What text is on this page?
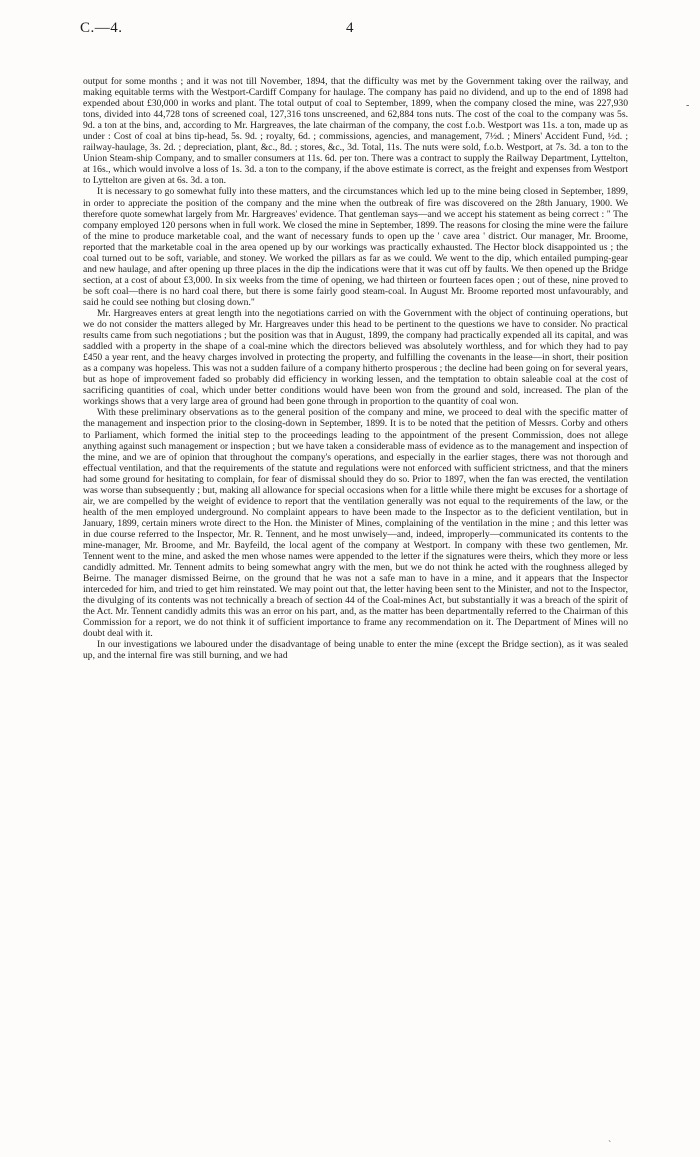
C.—4.	4

output for some months ; and it was not till November, 1894, that the difficulty was met by the Government taking over the railway, and making equitable terms with the Westport-Cardiff Company for haulage. The company has paid no dividend, and up to the end of 1898 had expended about £30,000 in works and plant. The total output of coal to September, 1899, when the company closed the mine, was 227,930 tons, divided into 44,728 tons of screened coal, 127,316 tons unscreened, and 62,884 tons nuts. The cost of the coal to the company was 5s. 9d. a ton at the bins, and, according to Mr. Hargreaves, the late chairman of the company, the cost f.o.b. Westport was 11s. a ton, made up as under : Cost of coal at bins tip-head, 5s. 9d. ; royalty, 6d. ; commissions, agencies, and management, 7½d. ; Miners' Accident Fund, ½d. ; railway-haulage, 3s. 2d. ; depreciation, plant, &c., 8d. ; stores, &c., 3d. Total, 11s. The nuts were sold, f.o.b. Westport, at 7s. 3d. a ton to the Union Steam-ship Company, and to smaller consumers at 11s. 6d. per ton. There was a contract to supply the Railway Department, Lyttelton, at 16s., which would involve a loss of 1s. 3d. a ton to the company, if the above estimate is correct, as the freight and expenses from Westport to Lyttelton are given at 6s. 3d. a ton.

It is necessary to go somewhat fully into these matters, and the circumstances which led up to the mine being closed in September, 1899, in order to appreciate the position of the company and the mine when the outbreak of fire was discovered on the 28th January, 1900. We therefore quote somewhat largely from Mr. Hargreaves' evidence. That gentleman says—and we accept his statement as being correct : " The company employed 120 persons when in full work. We closed the mine in September, 1899. The reasons for closing the mine were the failure of the mine to produce marketable coal, and the want of necessary funds to open up the ' cave area ' district. Our manager, Mr. Broome, reported that the marketable coal in the area opened up by our workings was practically exhausted. The Hector block disappointed us ; the coal turned out to be soft, variable, and stoney. We worked the pillars as far as we could. We went to the dip, which entailed pumping-gear and new haulage, and after opening up three places in the dip the indications were that it was cut off by faults. We then opened up the Bridge section, at a cost of about £3,000. In six weeks from the time of opening, we had thirteen or fourteen faces open ; out of these, nine proved to be soft coal—there is no hard coal there, but there is some fairly good steam-coal. In August Mr. Broome reported most unfavourably, and said he could see nothing but closing down."

Mr. Hargreaves enters at great length into the negotiations carried on with the Government with the object of continuing operations, but we do not consider the matters alleged by Mr. Hargreaves under this head to be pertinent to the questions we have to consider. No practical results came from such negotiations ; but the position was that in August, 1899, the company had practically expended all its capital, and was saddled with a property in the shape of a coal-mine which the directors believed was absolutely worthless, and for which they had to pay £450 a year rent, and the heavy charges involved in protecting the property, and fulfilling the covenants in the lease—in short, their position as a company was hopeless. This was not a sudden failure of a company hitherto prosperous ; the decline had been going on for several years, but as hope of improvement faded so probably did efficiency in working lessen, and the temptation to obtain saleable coal at the cost of sacrificing quantities of coal, which under better conditions would have been won from the ground and sold, increased. The plan of the workings shows that a very large area of ground had been gone through in proportion to the quantity of coal won.

With these preliminary observations as to the general position of the company and mine, we proceed to deal with the specific matter of the management and inspection prior to the closing-down in September, 1899. It is to be noted that the petition of Messrs. Corby and others to Parliament, which formed the initial step to the proceedings leading to the appointment of the present Commission, does not allege anything against such management or inspection ; but we have taken a considerable mass of evidence as to the management and inspection of the mine, and we are of opinion that throughout the company's operations, and especially in the earlier stages, there was not thorough and effectual ventilation, and that the requirements of the statute and regulations were not enforced with sufficient strictness, and that the miners had some ground for hesitating to complain, for fear of dismissal should they do so. Prior to 1897, when the fan was erected, the ventilation was worse than subsequently ; but, making all allowance for special occasions when for a little while there might be excuses for a shortage of air, we are compelled by the weight of evidence to report that the ventilation generally was not equal to the requirements of the law, or the health of the men employed underground. No complaint appears to have been made to the Inspector as to the deficient ventilation, but in January, 1899, certain miners wrote direct to the Hon. the Minister of Mines, complaining of the ventilation in the mine ; and this letter was in due course referred to the Inspector, Mr. R. Tennent, and he most unwisely—and, indeed, improperly—communicated its contents to the mine-manager, Mr. Broome, and Mr. Bayfeild, the local agent of the company at Westport. In company with these two gentlemen, Mr. Tennent went to the mine, and asked the men whose names were appended to the letter if the signatures were theirs, which they more or less candidly admitted. Mr. Tennent admits to being somewhat angry with the men, but we do not think he acted with the roughness alleged by Beirne. The manager dismissed Beirne, on the ground that he was not a safe man to have in a mine, and it appears that the Inspector interceded for him, and tried to get him reinstated. We may point out that, the letter having been sent to the Minister, and not to the Inspector, the divulging of its contents was not technically a breach of section 44 of the Coal-mines Act, but substantially it was a breach of the spirit of the Act. Mr. Tennent candidly admits this was an error on his part, and, as the matter has been departmentally referred to the Chairman of this Commission for a report, we do not think it of sufficient importance to frame any recommendation on it. The Department of Mines will no doubt deal with it.

In our investigations we laboured under the disadvantage of being unable to enter the mine (except the Bridge section), as it was sealed up, and the internal fire was still burning, and we had

-
`
